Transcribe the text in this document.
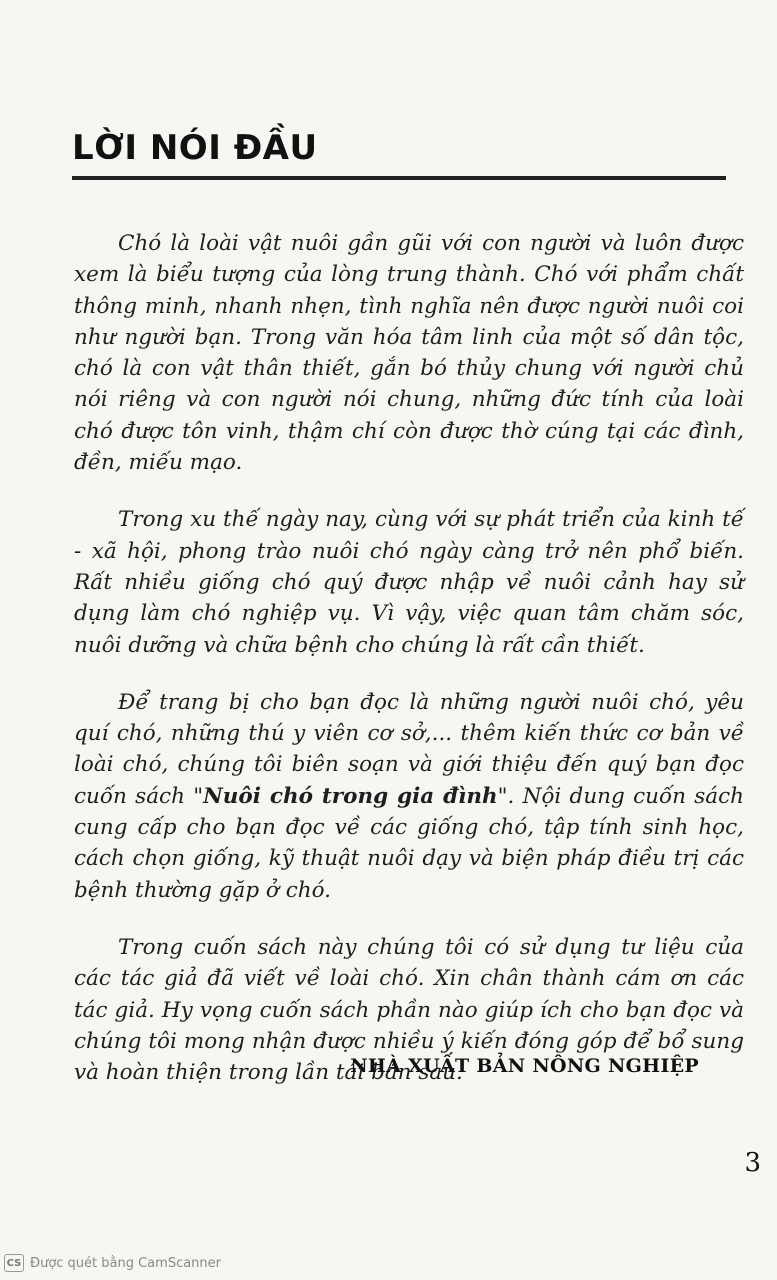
LỜI NÓI ĐẦU

Chó là loài vật nuôi gần gũi với con người và luôn được xem là biểu tượng của lòng trung thành. Chó với phẩm chất thông minh, nhanh nhẹn, tình nghĩa nên được người nuôi coi như người bạn. Trong văn hóa tâm linh của một số dân tộc, chó là con vật thân thiết, gắn bó thủy chung với người chủ nói riêng và con người nói chung, những đức tính của loài chó được tôn vinh, thậm chí còn được thờ cúng tại các đình, đền, miếu mạo.

Trong xu thế ngày nay, cùng với sự phát triển của kinh tế - xã hội, phong trào nuôi chó ngày càng trở nên phổ biến. Rất nhiều giống chó quý được nhập về nuôi cảnh hay sử dụng làm chó nghiệp vụ. Vì vậy, việc quan tâm chăm sóc, nuôi dưỡng và chữa bệnh cho chúng là rất cần thiết.

Để trang bị cho bạn đọc là những người nuôi chó, yêu quí chó, những thú y viên cơ sở,... thêm kiến thức cơ bản về loài chó, chúng tôi biên soạn và giới thiệu đến quý bạn đọc cuốn sách "Nuôi chó trong gia đình". Nội dung cuốn sách cung cấp cho bạn đọc về các giống chó, tập tính sinh học, cách chọn giống, kỹ thuật nuôi dạy và biện pháp điều trị các bệnh thường gặp ở chó.

Trong cuốn sách này chúng tôi có sử dụng tư liệu của các tác giả đã viết về loài chó. Xin chân thành cám ơn các tác giả. Hy vọng cuốn sách phần nào giúp ích cho bạn đọc và chúng tôi mong nhận được nhiều ý kiến đóng góp để bổ sung và hoàn thiện trong lần tái bản sau.

NHÀ XUẤT BẢN NÔNG NGHIỆP
3
CS Được quét bằng CamScanner
